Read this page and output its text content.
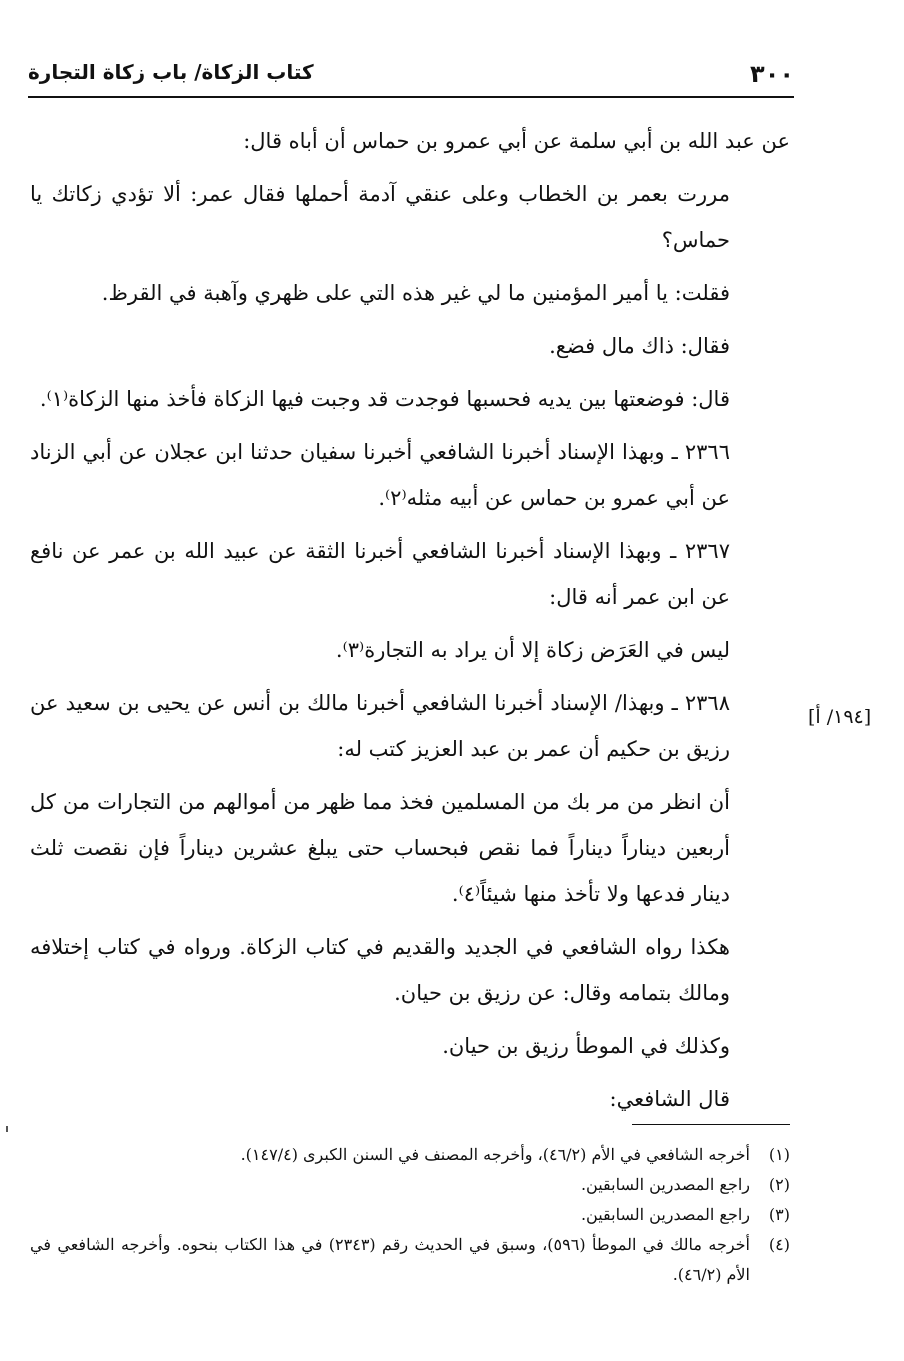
٣٠٠
كتاب الزكاة/ باب زكاة التجارة
[١٩٤/ أ]

عن عبد الله بن أبي سلمة عن أبي عمرو بن حماس أن أباه قال:

مررت بعمر بن الخطاب وعلى عنقي آدمة أحملها فقال عمر: ألا تؤدي زكاتك يا حماس؟

فقلت: يا أمير المؤمنين ما لي غير هذه التي على ظهري وآهبة في القرظ.

فقال: ذاك مال فضع.

قال: فوضعتها بين يديه فحسبها فوجدت قد وجبت فيها الزكاة فأخذ منها الزكاة⁽١⁾.

٢٣٦٦ ـ وبهذا الإسناد أخبرنا الشافعي أخبرنا سفيان حدثنا ابن عجلان عن أبي الزناد عن أبي عمرو بن حماس عن أبيه مثله⁽٢⁾.

٢٣٦٧ ـ وبهذا الإسناد أخبرنا الشافعي أخبرنا الثقة عن عبيد الله بن عمر عن نافع عن ابن عمر أنه قال:

ليس في العَرَض زكاة إلا أن يراد به التجارة⁽٣⁾.

٢٣٦٨ ـ وبهذا/ الإسناد أخبرنا الشافعي أخبرنا مالك بن أنس عن يحيى بن سعيد عن رزيق بن حكيم أن عمر بن عبد العزيز كتب له:

أن انظر من مر بك من المسلمين فخذ مما ظهر من أموالهم من التجارات من كل أربعين ديناراً ديناراً فما نقص فبحساب حتى يبلغ عشرين ديناراً فإن نقصت ثلث دينار فدعها ولا تأخذ منها شيئاً⁽٤⁾.

هكذا رواه الشافعي في الجديد والقديم في كتاب الزكاة. ورواه في كتاب إختلافه ومالك بتمامه وقال: عن رزيق بن حيان.

وكذلك في الموطأ رزيق بن حيان.

قال الشافعي:

(١)
أخرجه الشافعي في الأم (٤٦/٢)، وأخرجه المصنف في السنن الكبرى (١٤٧/٤).

(٢)
راجع المصدرين السابقين.

(٣)
راجع المصدرين السابقين.

(٤)
أخرجه مالك في الموطأ (٥٩٦)، وسبق في الحديث رقم (٢٣٤٣) في هذا الكتاب بنحوه. وأخرجه الشافعي في الأم (٤٦/٢).
